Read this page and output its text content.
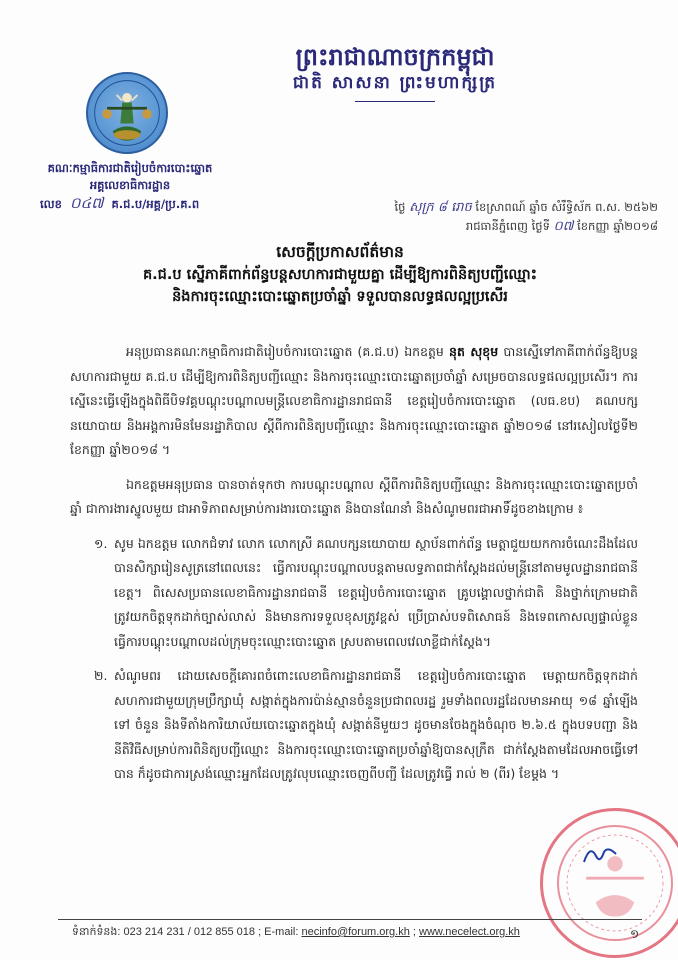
ព្រះរាជាណាចក្រកម្ពុជា
ជាតិ សាសនា ព្រះមហាក្សត្រ
គណៈកម្មាធិការជាតិរៀបចំការបោះឆ្នោត
អគ្គលេខាធិការដ្ឋាន
លេខ ០៤៧ គ.ជ.ប/អគ្គ/ប្រ.គ.ព	ថ្ងៃ សុក្រ ៨ រោច ខែស្រាពណ៍ ឆ្នាំច សំរឹទ្ធិស័ក ព.ស. ២៥៦២
រាជធានីភ្នំពេញ ថ្ងៃទី ០៧ ខែកញ្ញា ឆ្នាំ២០១៨
សេចក្តីប្រកាសព័ត៌មាន
គ.ជ.ប ស្នើភាគីពាក់ព័ន្ធបន្តសហការជាមួយគ្នា ដើម្បីឱ្យការពិនិត្យបញ្ជីឈ្មោះ
និងការចុះឈ្មោះបោះឆ្នោតប្រចាំឆ្នាំ ទទួលបានលទ្ធផលល្អប្រសើរ

អនុប្រធានគណៈកម្មាធិការជាតិរៀបចំការបោះឆ្នោត (គ.ជ.ប) ឯកឧត្តម នុត សុខុម បានស្នើទៅភាគីពាក់ព័ន្ធឱ្យបន្តសហការជាមួយ គ.ជ.ប ដើម្បីឱ្យការពិនិត្យបញ្ជីឈ្មោះ និងការចុះឈ្មោះបោះឆ្នោតប្រចាំឆ្នាំ សម្រេចបានលទ្ធផលល្អប្រសើរ។ ការស្នើនេះធ្វើឡើងក្នុងពិធីបិទវគ្គបណ្តុះបណ្តាលមន្ត្រីលេខាធិការដ្ឋានរាជធានី ខេត្តរៀបចំការបោះឆ្នោត (លធ.ខប) គណបក្សនយោបាយ និងអង្គការមិនមែនរដ្ឋាភិបាល ស្តីពីការពិនិត្យបញ្ជីឈ្មោះ និងការចុះឈ្មោះបោះឆ្នោត ឆ្នាំ២០១៨ នៅរសៀលថ្ងៃទី២ ខែកញ្ញា ឆ្នាំ២០១៨ ។

ឯកឧត្តមអនុប្រធាន បានចាត់ទុកថា ការបណ្តុះបណ្តាល ស្តីពីការពិនិត្យបញ្ជីឈ្មោះ និងការចុះឈ្មោះបោះឆ្នោតប្រចាំឆ្នាំ ជាការងារស្នូលមួយ ជាអាទិភាពសម្រាប់ការងារបោះឆ្នោត និងបានណែនាំ និងសំណូមពរជាអាទិ៍ដូចខាងក្រោម ៖

១. សូម ឯកឧត្តម លោកជំទាវ លោក លោកស្រី គណបក្សនយោបាយ ស្ថាប័នពាក់ព័ន្ធ មេត្តាជួយយកការចំណេះដឹងដែលបានសិក្សារៀនសូត្រនៅពេលនេះ ធ្វើការបណ្តុះបណ្តាលបន្តតាមលទ្ធភាពជាក់ស្តែងដល់មន្ត្រីនៅតាមមូលដ្ឋានរាជធានី ខេត្ត។ ពិសេសប្រធានលេខាធិការដ្ឋានរាជធានី ខេត្តរៀបចំការបោះឆ្នោត គ្រូបង្គោលថ្នាក់ជាតិ និងថ្នាក់ក្រោមជាតិ ត្រូវយកចិត្តទុកដាក់ច្បាស់លាស់ និងមានការទទួលខុសត្រូវខ្ពស់ ប្រើប្រាស់បទពិសោធន៍ និងទេពកោសល្យផ្ទាល់ខ្លួន ធ្វើការបណ្តុះបណ្តាលដល់ក្រុមចុះឈ្មោះបោះឆ្នោត ស្របតាមពេលវេលាខ្លីជាក់ស្តែង។
២. សំណូមពរ ដោយសេចក្តីគោរពចំពោះលេខាធិការដ្ឋានរាជធានី ខេត្តរៀបចំការបោះឆ្នោត មេត្តាយកចិត្តទុកដាក់សហការជាមួយក្រុមប្រឹក្សាឃុំ សង្កាត់ក្នុងការប៉ាន់ស្មានចំនួនប្រជាពលរដ្ឋ រួមទាំងពលរដ្ឋដែលមានអាយុ ១៨ ឆ្នាំឡើងទៅ ចំនួន និងទីតាំងការិយាល័យបោះឆ្នោតក្នុងឃុំ សង្កាត់នីមួយៗ ដូចមានចែងក្នុងចំណុច ២.៦.៥ ក្នុងបទបញ្ជា និងនីតិវិធីសម្រាប់ការពិនិត្យបញ្ជីឈ្មោះ និងការចុះឈ្មោះបោះឆ្នោតប្រចាំឆ្នាំឱ្យបានសុក្រឹត ជាក់ស្តែងតាមដែលអាចធ្វើទៅបាន ក៏ដូចជាការស្រង់ឈ្មោះអ្នកដែលត្រូវលុបឈ្មោះចេញពីបញ្ជី ដែលត្រូវធ្វើ រាល់ ២ (ពីរ) ខែម្តង ។
ទំនាក់ទំនង: 023 214 231 / 012 855 018 ; E-mail: necinfo@forum.org.kh ; www.necelect.org.kh	១
